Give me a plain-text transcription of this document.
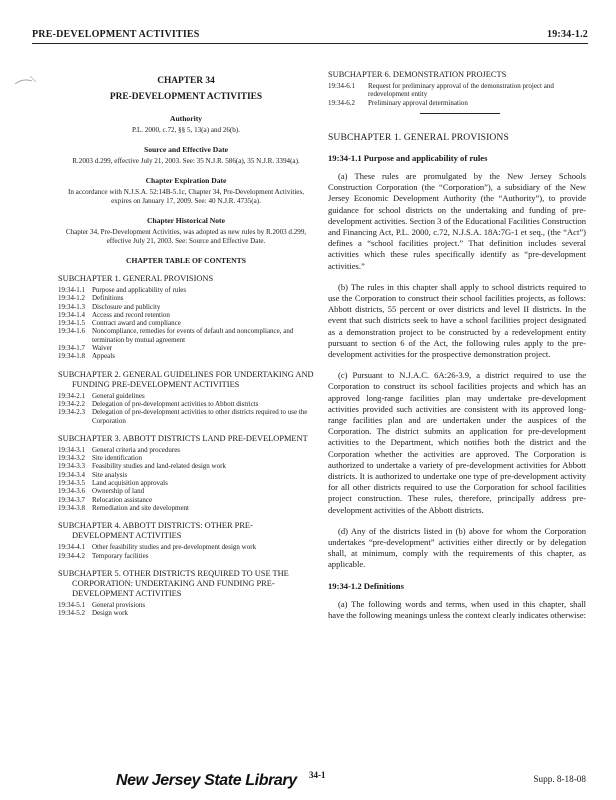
PRE-DEVELOPMENT ACTIVITIES	19:34-1.2
CHAPTER 34
PRE-DEVELOPMENT ACTIVITIES
Authority
P.L. 2000, c.72, §§ 5, 13(a) and 26(b).
Source and Effective Date
R.2003 d.299, effective July 21, 2003. See: 35 N.J.R. 586(a), 35 N.J.R. 3394(a).
Chapter Expiration Date
In accordance with N.J.S.A. 52:14B-5.1c, Chapter 34, Pre-Development Activities, expires on January 17, 2009. See: 40 N.J.R. 4735(a).
Chapter Historical Note
Chapter 34, Pre-Development Activities, was adopted as new rules by R.2003 d.299, effective July 21, 2003. See: Source and Effective Date.
CHAPTER TABLE OF CONTENTS
SUBCHAPTER 1. GENERAL PROVISIONS
19:34-1.1 Purpose and applicability of rules
19:34-1.2 Definitions
19:34-1.3 Disclosure and publicity
19:34-1.4 Access and record retention
19:34-1.5 Contract award and compliance
19:34-1.6 Noncompliance, remedies for events of default and noncompliance, and termination by mutual agreement
19:34-1.7 Waiver
19:34-1.8 Appeals
SUBCHAPTER 2. GENERAL GUIDELINES FOR UNDERTAKING AND FUNDING PRE-DEVELOPMENT ACTIVITIES
19:34-2.1 General guidelines
19:34-2.2 Delegation of pre-development activities to Abbott districts
19:34-2.3 Delegation of pre-development activities to other districts required to use the Corporation
SUBCHAPTER 3. ABBOTT DISTRICTS LAND PRE-DEVELOPMENT
19:34-3.1 General criteria and procedures
19:34-3.2 Site identification
19:34-3.3 Feasibility studies and land-related design work
19:34-3.4 Site analysis
19:34-3.5 Land acquisition approvals
19:34-3.6 Ownership of land
19:34-3.7 Relocation assistance
19:34-3.8 Remediation and site development
SUBCHAPTER 4. ABBOTT DISTRICTS: OTHER PRE-DEVELOPMENT ACTIVITIES
19:34-4.1 Other feasibility studies and pre-development design work
19:34-4.2 Temporary facilities
SUBCHAPTER 5. OTHER DISTRICTS REQUIRED TO USE THE CORPORATION: UNDERTAKING AND FUNDING PRE-DEVELOPMENT ACTIVITIES
19:34-5.1 General provisions
19:34-5.2 Design work
SUBCHAPTER 6. DEMONSTRATION PROJECTS
19:34-6.1	Request for preliminary approval of the demonstration project and redevelopment entity
19:34-6.2	Preliminary approval determination
SUBCHAPTER 1. GENERAL PROVISIONS
19:34-1.1 Purpose and applicability of rules

(a) These rules are promulgated by the New Jersey Schools Construction Corporation (the “Corporation”), a subsidiary of the New Jersey Economic Development Authority (the “Authority”), to provide guidance for school districts on the undertaking and funding of pre-development activities. Section 3 of the Educational Facilities Construction and Financing Act, P.L. 2000, c.72, N.J.S.A. 18A:7G-1 et seq., (the “Act”) defines a “school facilities project.” That definition includes several activities which these rules specifically identify as “pre-development activities.”

(b) The rules in this chapter shall apply to school districts required to use the Corporation to construct their school facilities projects, as follows: Abbott districts, 55 percent or over districts and level II districts. In the event that such districts seek to have a school facilities project designated as a demonstration project to be constructed by a redevelopment entity pursuant to section 6 of the Act, the following rules apply to the pre-development activities for the prospective demonstration project.

(c) Pursuant to N.J.A.C. 6A:26-3.9, a district required to use the Corporation to construct its school facilities projects and which has an approved long-range facilities plan may undertake pre-development activities provided such activities are consistent with its approved long-range facilities plan and are undertaken under the auspices of the Corporation. The district submits an application for pre-development activities to the Department, which notifies both the district and the Corporation whether the activities are approved. The Corporation is authorized to undertake a variety of pre-development activities for Abbott districts. It is authorized to undertake one type of pre-development activity for all other districts required to use the Corporation for school facilities project construction. These rules, therefore, principally address pre-development activities of the Abbott districts.

(d) Any of the districts listed in (b) above for whom the Corporation undertakes “pre-development” activities either directly or by delegation shall, at minimum, comply with the requirements of this chapter, as applicable.

19:34-1.2 Definitions

(a) The following words and terms, when used in this chapter, shall have the following meanings unless the context clearly indicates otherwise:

New Jersey State Library 34-1	Supp. 8-18-08
